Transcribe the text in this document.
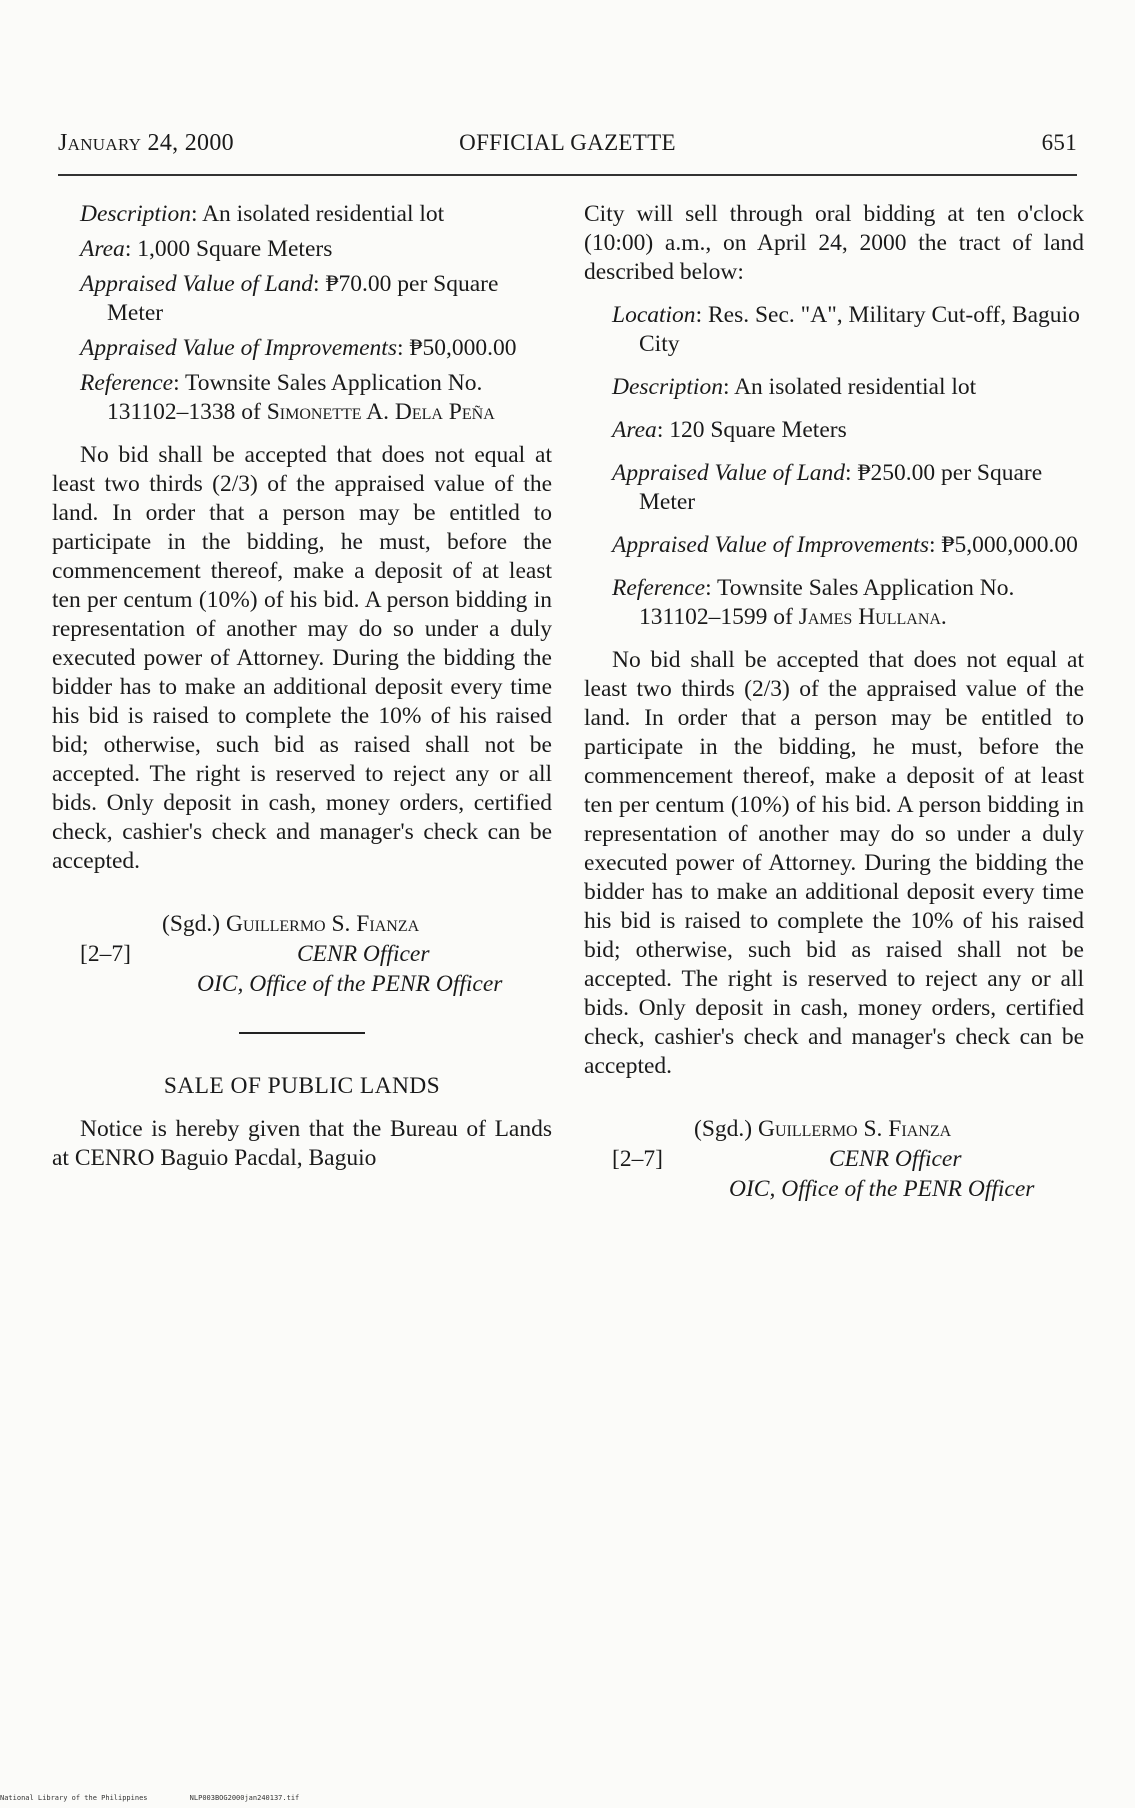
January 24, 2000	OFFICIAL GAZETTE	651

Description: An isolated residential lot

Area: 1,000 Square Meters

Appraised Value of Land: ₱70.00 per Square Meter

Appraised Value of Improvements: ₱50,000.00

Reference: Townsite Sales Application No. 131102–1338 of Simonette A. Dela Peña

No bid shall be accepted that does not equal at least two thirds (2/3) of the appraised value of the land. In order that a person may be entitled to participate in the bidding, he must, before the commencement thereof, make a deposit of at least ten per centum (10%) of his bid. A person bidding in representation of another may do so under a duly executed power of Attorney. During the bidding the bidder has to make an additional deposit every time his bid is raised to complete the 10% of his raised bid; otherwise, such bid as raised shall not be accepted. The right is reserved to reject any or all bids. Only deposit in cash, money orders, certified check, cashier's check and manager's check can be accepted.

(Sgd.) Guillermo S. Fianza
[2–7]	CENR Officer
OIC, Office of the PENR Officer
SALE OF PUBLIC LANDS

Notice is hereby given that the Bureau of Lands at CENRO Baguio Pacdal, Baguio

City will sell through oral bidding at ten o'clock (10:00) a.m., on April 24, 2000 the tract of land described below:

Location: Res. Sec. "A", Military Cut-off, Baguio City

Description: An isolated residential lot

Area: 120 Square Meters

Appraised Value of Land: ₱250.00 per Square Meter

Appraised Value of Improvements: ₱5,000,000.00

Reference: Townsite Sales Application No. 131102–1599 of James Hullana.

No bid shall be accepted that does not equal at least two thirds (2/3) of the appraised value of the land. In order that a person may be entitled to participate in the bidding, he must, before the commencement thereof, make a deposit of at least ten per centum (10%) of his bid. A person bidding in representation of another may do so under a duly executed power of Attorney. During the bidding the bidder has to make an additional deposit every time his bid is raised to complete the 10% of his raised bid; otherwise, such bid as raised shall not be accepted. The right is reserved to reject any or all bids. Only deposit in cash, money orders, certified check, cashier's check and manager's check can be accepted.

(Sgd.) Guillermo S. Fianza
[2–7]	CENR Officer
OIC, Office of the PENR Officer
National Library of the Philippines	NLP003BOG2000jan240137.tif
